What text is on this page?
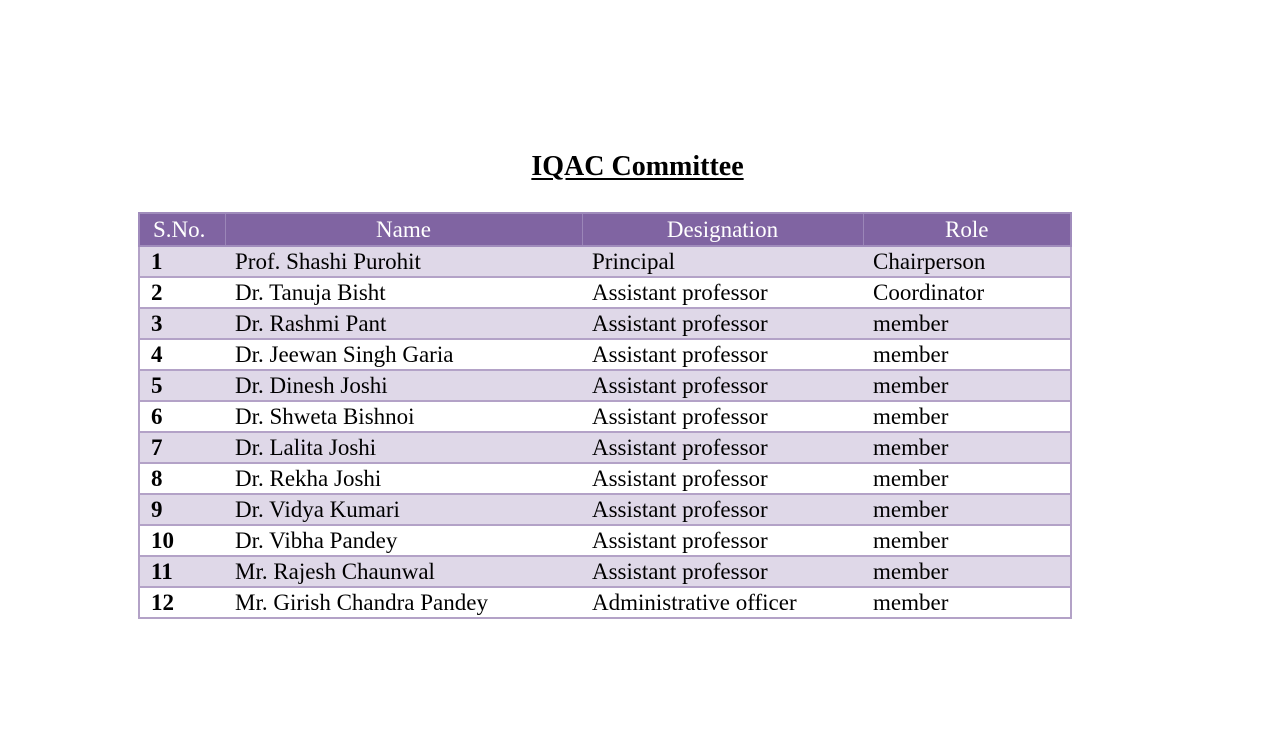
IQAC Committee
S.No.	Name	Designation	Role
1	Prof. Shashi Purohit	Principal	Chairperson
2	Dr. Tanuja Bisht	Assistant professor	Coordinator
3	Dr. Rashmi Pant	Assistant professor	member
4	Dr. Jeewan Singh Garia	Assistant professor	member
5	Dr. Dinesh Joshi	Assistant professor	member
6	Dr. Shweta Bishnoi	Assistant professor	member
7	Dr. Lalita Joshi	Assistant professor	member
8	Dr. Rekha Joshi	Assistant professor	member
9	Dr. Vidya Kumari	Assistant professor	member
10	Dr. Vibha Pandey	Assistant professor	member
11	Mr. Rajesh Chaunwal	Assistant professor	member
12	Mr. Girish Chandra Pandey	Administrative officer	member
